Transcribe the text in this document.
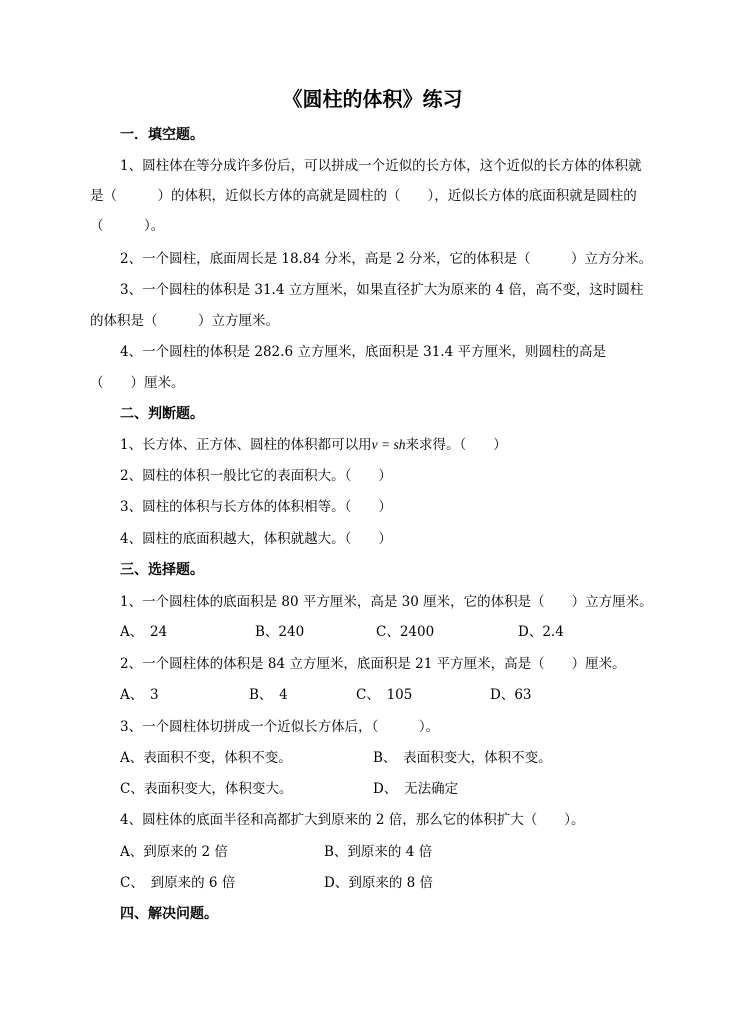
《圆柱的体积》练习
一．填空题。
1、圆柱体在等分成许多份后，可以拼成一个近似的长方体，这个近似的长方体的体积就
是（　　　）的体积，近似长方体的高就是圆柱的（　　），近似长方体的底面积就是圆柱的
（　　　）。
2、一个圆柱，底面周长是 18.84 分米，高是 2 分米，它的体积是（　　　）立方分米。
3、一个圆柱的体积是 31.4 立方厘米，如果直径扩大为原来的 4 倍，高不变，这时圆柱
的体积是（　　　）立方厘米。
4、一个圆柱的体积是 282.6 立方厘米，底面积是 31.4 平方厘米，则圆柱的高是
（　　）厘米。
二、判断题。
1、长方体、正方体、圆柱的体积都可以用v = sh来求得。（　　）
2、圆柱的体积一般比它的表面积大。（　　）
3、圆柱的体积与长方体的体积相等。（　　）
4、圆柱的底面积越大，体积就越大。（　　）
三、选择题。
1、一个圆柱体的底面积是 80 平方厘米，高是 30 厘米，它的体积是（　　）立方厘米。
A、　24	B、240	C、2400	D、2.4
2、一个圆柱体的体积是 84 立方厘米，底面积是 21 平方厘米，高是（　　）厘米。
A、　3	B、　4	C、　105	D、63
3、一个圆柱体切拼成一个近似长方体后，（　　　）。
A、表面积不变，体积不变。	B、　表面积变大，体积不变。
C、表面积变大，体积变大。	D、　无法确定
4、圆柱体的底面半径和高都扩大到原来的 2 倍，那么它的体积扩大（　　）。
A、到原来的 2 倍	B、到原来的 4 倍
C、　到原来的 6 倍	D、到原来的 8 倍
四、解决问题。
